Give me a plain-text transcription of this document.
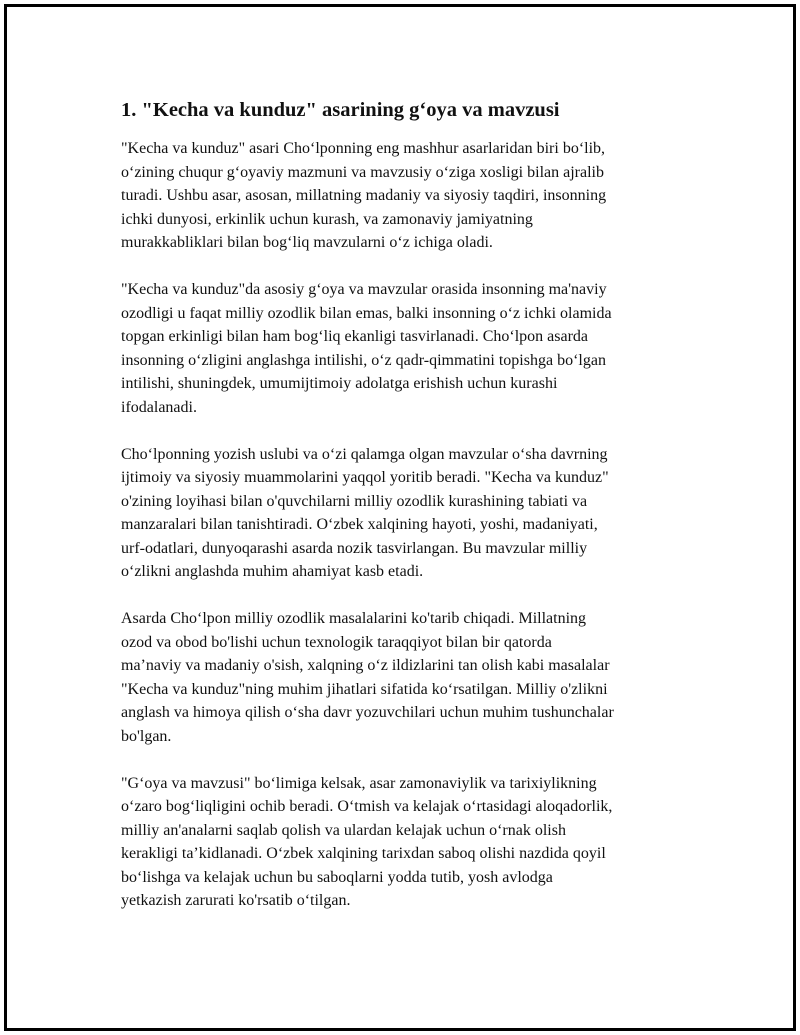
1. "Kecha va kunduz" asarining g‘oya va mavzusi

"Kecha va kunduz" asari Cho‘lponning eng mashhur asarlaridan biri bo‘lib,
o‘zining chuqur g‘oyaviy mazmuni va mavzusiy o‘ziga xosligi bilan ajralib
turadi. Ushbu asar, asosan, millatning madaniy va siyosiy taqdiri, insonning
ichki dunyosi, erkinlik uchun kurash, va zamonaviy jamiyatning
murakkabliklari bilan bog‘liq mavzularni o‘z ichiga oladi.

"Kecha va kunduz"da asosiy g‘oya va mavzular orasida insonning ma'naviy
ozodligi u faqat milliy ozodlik bilan emas, balki insonning o‘z ichki olamida
topgan erkinligi bilan ham bog‘liq ekanligi tasvirlanadi. Cho‘lpon asarda
insonning o‘zligini anglashga intilishi, o‘z qadr-qimmatini topishga bo‘lgan
intilishi, shuningdek, umumijtimoiy adolatga erishish uchun kurashi
ifodalanadi.

Cho‘lponning yozish uslubi va o‘zi qalamga olgan mavzular o‘sha davrning
ijtimoiy va siyosiy muammolarini yaqqol yoritib beradi. "Kecha va kunduz"
o'zining loyihasi bilan o'quvchilarni milliy ozodlik kurashining tabiati va
manzaralari bilan tanishtiradi. O‘zbek xalqining hayoti, yoshi, madaniyati,
urf-odatlari, dunyoqarashi asarda nozik tasvirlangan. Bu mavzular milliy
o‘zlikni anglashda muhim ahamiyat kasb etadi.

Asarda Cho‘lpon milliy ozodlik masalalarini ko'tarib chiqadi. Millatning
ozod va obod bo'lishi uchun texnologik taraqqiyot bilan bir qatorda
ma’naviy va madaniy o'sish, xalqning o‘z ildizlarini tan olish kabi masalalar
"Kecha va kunduz"ning muhim jihatlari sifatida ko‘rsatilgan. Milliy o'zlikni
anglash va himoya qilish o‘sha davr yozuvchilari uchun muhim tushunchalar
bo'lgan.

"G‘oya va mavzusi" bo‘limiga kelsak, asar zamonaviylik va tarixiylikning
o‘zaro bog‘liqligini ochib beradi. O‘tmish va kelajak o‘rtasidagi aloqadorlik,
milliy an'analarni saqlab qolish va ulardan kelajak uchun o‘rnak olish
kerakligi ta’kidlanadi. O‘zbek xalqining tarixdan saboq olishi nazdida qoyil
bo‘lishga va kelajak uchun bu saboqlarni yodda tutib, yosh avlodga
yetkazish zarurati ko'rsatib o‘tilgan.
